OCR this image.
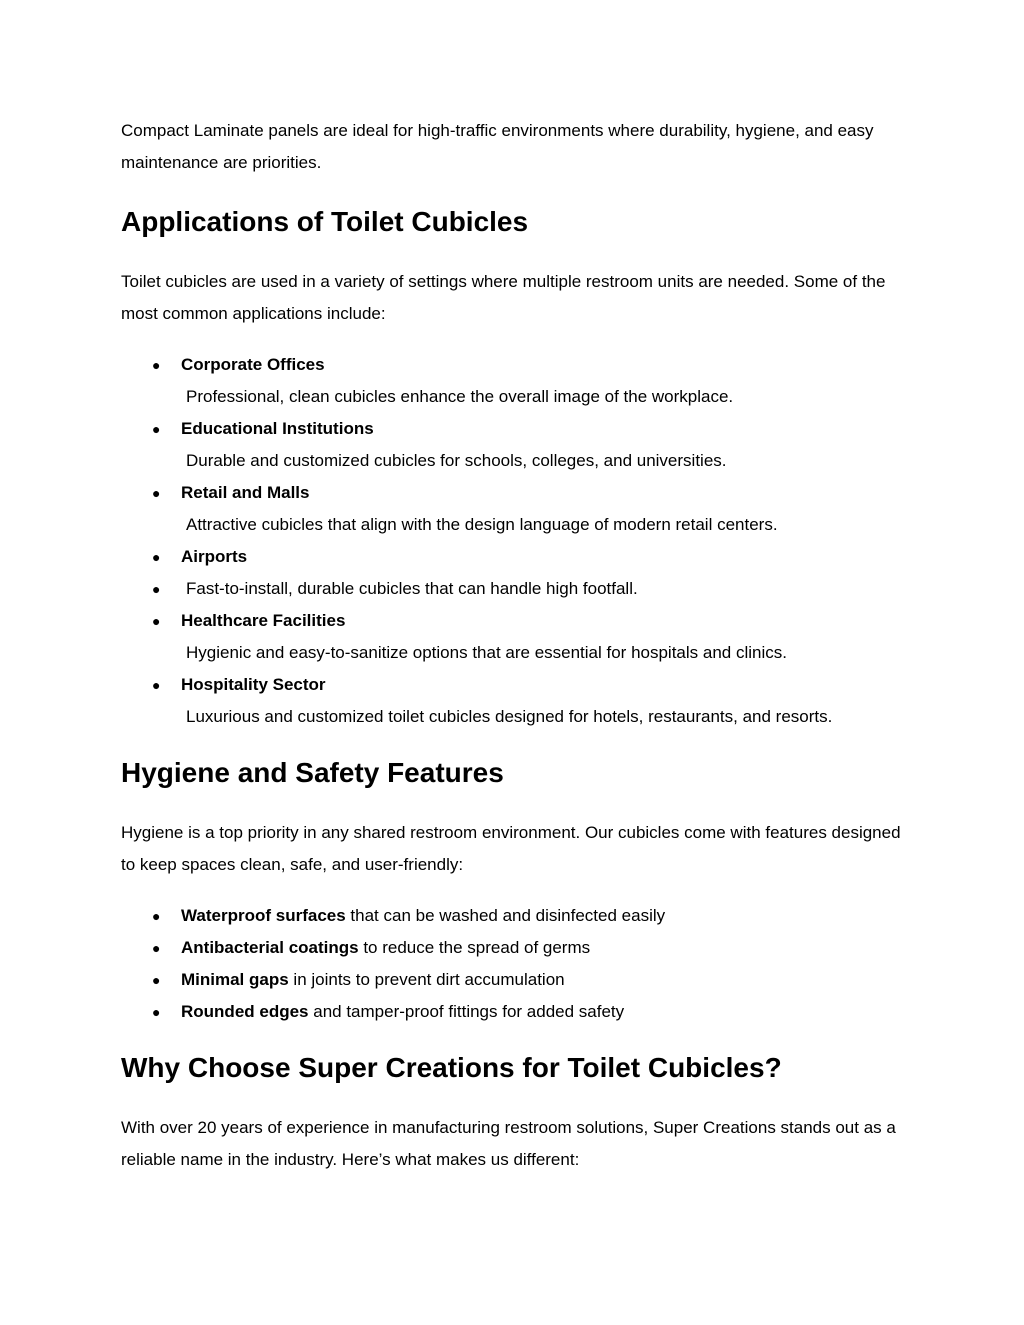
Compact Laminate panels are ideal for high-traffic environments where durability, hygiene, and easy maintenance are priorities.

Applications of Toilet Cubicles

Toilet cubicles are used in a variety of settings where multiple restroom units are needed. Some of the most common applications include:

● Corporate Offices
Professional, clean cubicles enhance the overall image of the workplace.
● Educational Institutions
Durable and customized cubicles for schools, colleges, and universities.
● Retail and Malls
Attractive cubicles that align with the design language of modern retail centers.
● Airports
● Fast-to-install, durable cubicles that can handle high footfall.
● Healthcare Facilities
Hygienic and easy-to-sanitize options that are essential for hospitals and clinics.
● Hospitality Sector
Luxurious and customized toilet cubicles designed for hotels, restaurants, and resorts.
Hygiene and Safety Features

Hygiene is a top priority in any shared restroom environment. Our cubicles come with features designed to keep spaces clean, safe, and user-friendly:

● Waterproof surfaces that can be washed and disinfected easily
● Antibacterial coatings to reduce the spread of germs
● Minimal gaps in joints to prevent dirt accumulation
● Rounded edges and tamper-proof fittings for added safety
Why Choose Super Creations for Toilet Cubicles?

With over 20 years of experience in manufacturing restroom solutions, Super Creations stands out as a reliable name in the industry. Here’s what makes us different:
